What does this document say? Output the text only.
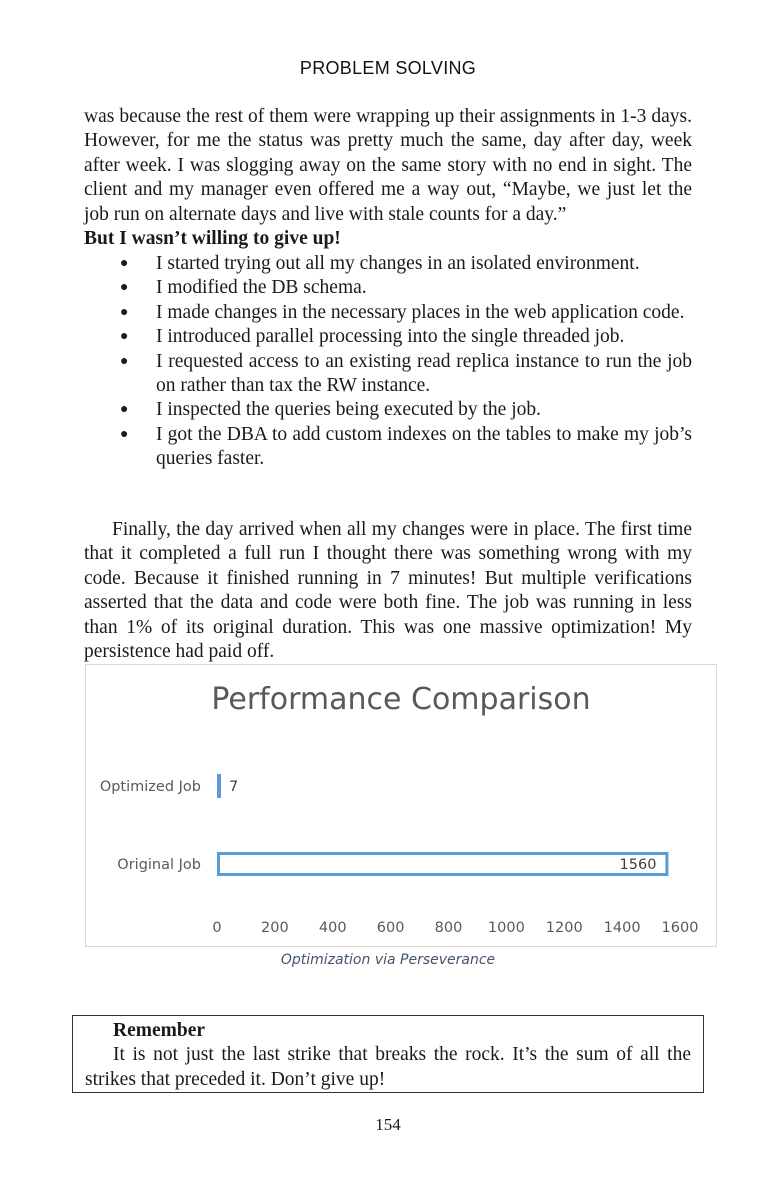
PROBLEM SOLVING
was because the rest of them were wrapping up their assignments in 1-3 days. However, for me the status was pretty much the same, day after day, week after week. I was slogging away on the same story with no end in sight. The client and my manager even offered me a way out, “Maybe, we just let the job run on alternate days and live with stale counts for a day.”
But I wasn’t willing to give up!
● I started trying out all my changes in an isolated environment.
● I modified the DB schema.
● I made changes in the necessary places in the web application code.
● I introduced parallel processing into the single threaded job.
● I requested access to an existing read replica instance to run the job on rather than tax the RW instance.
● I inspected the queries being executed by the job.
● I got the DBA to add custom indexes on the tables to make my job’s queries faster.
Finally, the day arrived when all my changes were in place. The first time that it completed a full run I thought there was something wrong with my code. Because it finished running in 7 minutes! But multiple verifications asserted that the data and code were both fine. The job was running in less than 1% of its original duration. This was one massive optimization! My persistence had paid off.
Optimized Job 7
Original Job	1560
0	200 400 600 800 1000 1200 1400 1600
Performance Comparison
Optimization via Perseverance
Remember
It is not just the last strike that breaks the rock. It’s the sum of all the strikes that preceded it. Don’t give up!
154
